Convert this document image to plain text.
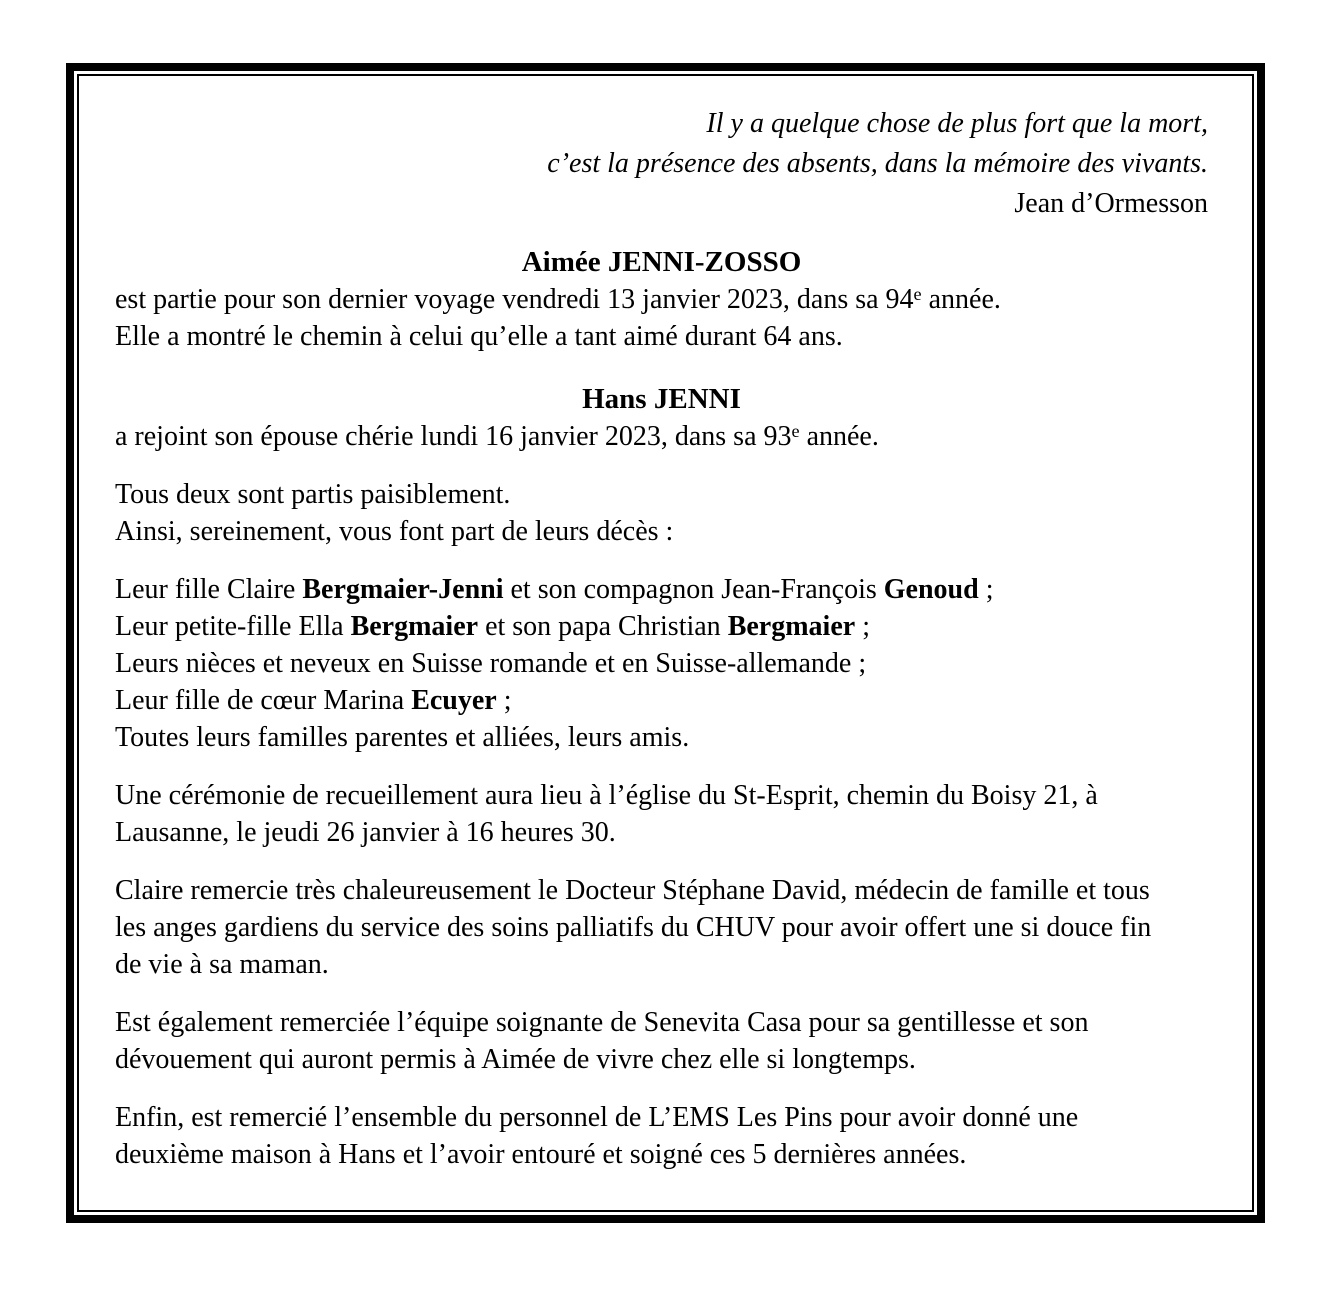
Il y a quelque chose de plus fort que la mort,
c’est la présence des absents, dans la mémoire des vivants.
Jean d’Ormesson
Aimée JENNI-ZOSSO
est partie pour son dernier voyage vendredi 13 janvier 2023, dans sa 94e année.
Elle a montré le chemin à celui qu’elle a tant aimé durant 64 ans.
Hans JENNI
a rejoint son épouse chérie lundi 16 janvier 2023, dans sa 93e année.
Tous deux sont partis paisiblement.
Ainsi, sereinement, vous font part de leurs décès :
Leur fille Claire Bergmaier-Jenni et son compagnon Jean-François Genoud ;
Leur petite-fille Ella Bergmaier et son papa Christian Bergmaier ;
Leurs nièces et neveux en Suisse romande et en Suisse-allemande ;
Leur fille de cœur Marina Ecuyer ;
Toutes leurs familles parentes et alliées, leurs amis.
Une cérémonie de recueillement aura lieu à l’église du St-Esprit, chemin du Boisy 21, à
Lausanne, le jeudi 26 janvier à 16 heures 30.
Claire remercie très chaleureusement le Docteur Stéphane David, médecin de famille et tous
les anges gardiens du service des soins palliatifs du CHUV pour avoir offert une si douce fin
de vie à sa maman.
Est également remerciée l’équipe soignante de Senevita Casa pour sa gentillesse et son
dévouement qui auront permis à Aimée de vivre chez elle si longtemps.
Enfin, est remercié l’ensemble du personnel de L’EMS Les Pins pour avoir donné une
deuxième maison à Hans et l’avoir entouré et soigné ces 5 dernières années.
